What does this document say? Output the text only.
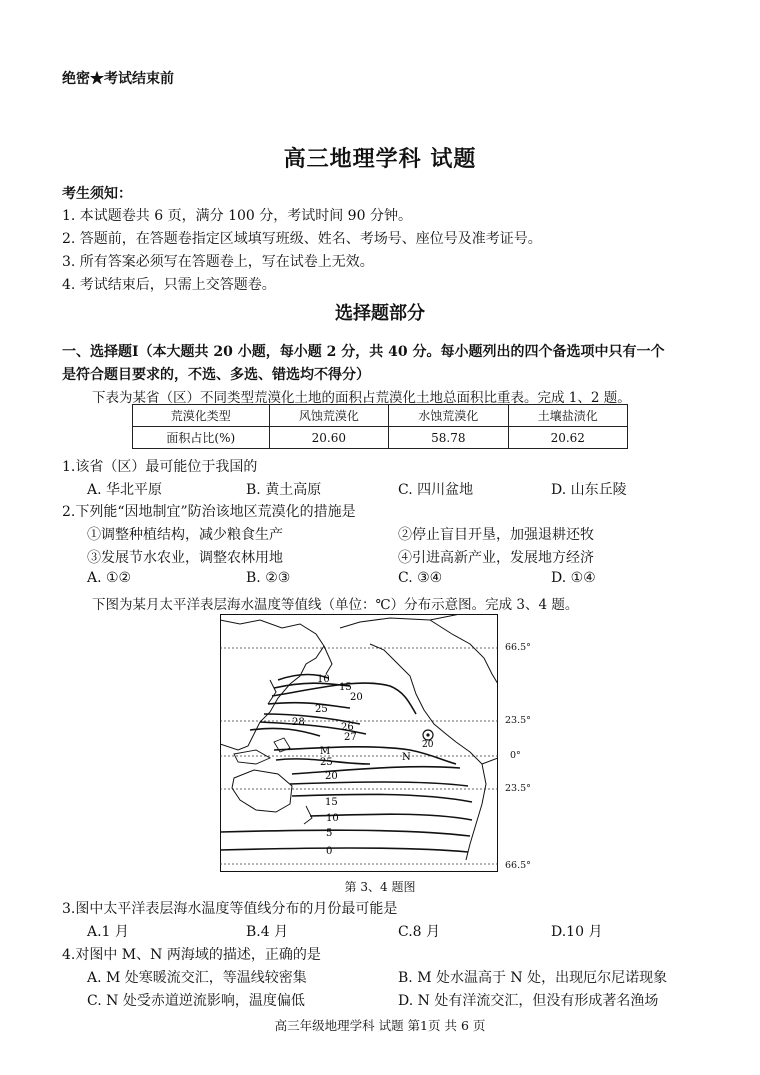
绝密★考试结束前
高三地理学科 试题
考生须知：
1. 本试题卷共 6 页，满分 100 分，考试时间 90 分钟。
2. 答题前，在答题卷指定区域填写班级、姓名、考场号、座位号及准考证号。
3. 所有答案必须写在答题卷上，写在试卷上无效。
4. 考试结束后，只需上交答题卷。
选择题部分
一、选择题Ⅰ（本大题共 20 小题，每小题 2 分，共 40 分。每小题列出的四个备选项中只有一个
是符合题目要求的，不选、多选、错选均不得分）
下表为某省（区）不同类型荒漠化土地的面积占荒漠化土地总面积比重表。完成 1、2 题。
荒漠化类型	风蚀荒漠化	水蚀荒漠化	土壤盐渍化
面积占比(%)	20.60	58.78	20.62
1.该省（区）最可能位于我国的
A. 华北平原	B. 黄土高原	C. 四川盆地	D. 山东丘陵
2.下列能“因地制宜”防治该地区荒漠化的措施是
①调整种植结构，减少粮食生产	②停止盲目开垦，加强退耕还牧
③发展节水农业，调整农林用地	④引进高新产业，发展地方经济
A. ①②	B. ②③	C. ③④	D. ①④
下图为某月太平洋表层海水温度等值线（单位：℃）分布示意图。完成 3、4 题。
10
15
20
25
26
27
28
25
20
15
10
5
0
M
N
20
66.5°
23.5°
0°
23.5°
66.5°
第 3、4 题图
3.图中太平洋表层海水温度等值线分布的月份最可能是
A.1 月	B.4 月	C.8 月	D.10 月
4.对图中 M、N 两海域的描述，正确的是
A. M 处寒暖流交汇，等温线较密集	B. M 处水温高于 N 处，出现厄尔尼诺现象
C. N 处受赤道逆流影响，温度偏低	D. N 处有洋流交汇，但没有形成著名渔场
高三年级地理学科 试题 第1页 共 6 页
